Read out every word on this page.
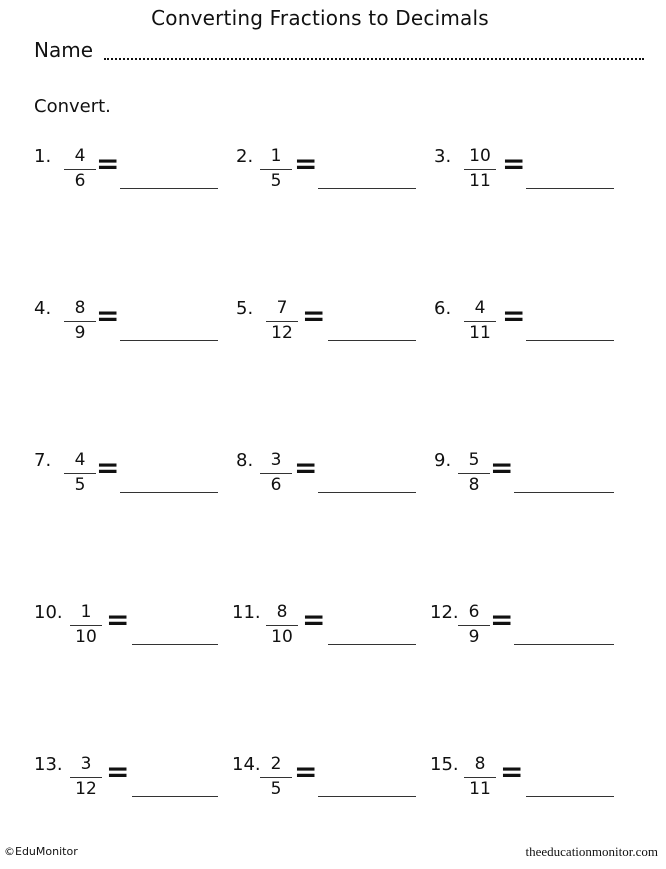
Converting Fractions to Decimals
Name
Convert.
1.	4
6
=	2.	1
5
=	3.	10
11
=
4.	8
9
=	5.	7
12
=	6.	4
11
=
7.	4
5
=	8.	3
6
=	9.	5
8
=
10.	1
10
=	11. 8
10
=	12. 6
9
=
13.	3
12
=	14. 2
5
=	15. 8
11
=
©EduMonitor	theeducationmonitor.com
